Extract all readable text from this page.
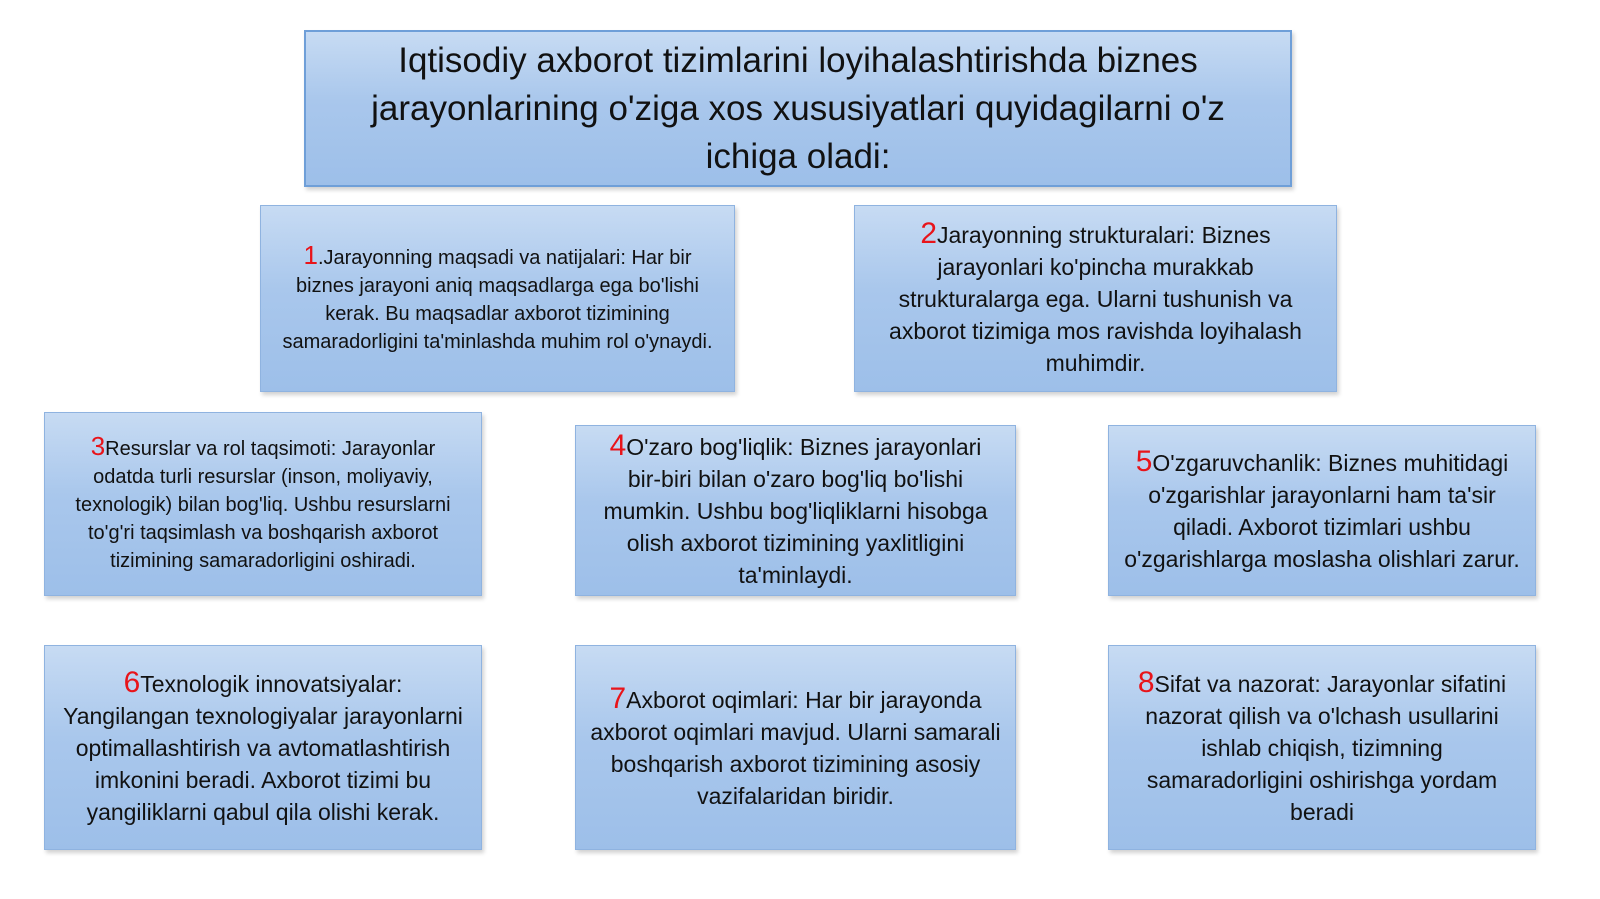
Iqtisodiy axborot tizimlarini loyihalashtirishda biznes jarayonlarining o'ziga xos xususiyatlari quyidagilarni o'z ichiga oladi:
1.Jarayonning maqsadi va natijalari: Har bir biznes jarayoni aniq maqsadlarga ega bo'lishi kerak. Bu maqsadlar axborot tizimining samaradorligini ta'minlashda muhim rol o'ynaydi.
2Jarayonning strukturalari: Biznes jarayonlari ko'pincha murakkab strukturalarga ega. Ularni tushunish va axborot tizimiga mos ravishda loyihalash muhimdir.
3Resurslar va rol taqsimoti: Jarayonlar odatda turli resurslar (inson, moliyaviy, texnologik) bilan bog'liq. Ushbu resurslarni to'g'ri taqsimlash va boshqarish axborot tizimining samaradorligini oshiradi.
4O'zaro bog'liqlik: Biznes jarayonlari bir-biri bilan o'zaro bog'liq bo'lishi mumkin. Ushbu bog'liqliklarni hisobga olish axborot tizimining yaxlitligini ta'minlaydi.
5O'zgaruvchanlik: Biznes muhitidagi o'zgarishlar jarayonlarni ham ta'sir qiladi. Axborot tizimlari ushbu o'zgarishlarga moslasha olishlari zarur.
6Texnologik innovatsiyalar: Yangilangan texnologiyalar jarayonlarni optimallashtirish va avtomatlashtirish imkonini beradi. Axborot tizimi bu yangiliklarni qabul qila olishi kerak.
7Axborot oqimlari: Har bir jarayonda axborot oqimlari mavjud. Ularni samarali boshqarish axborot tizimining asosiy vazifalaridan biridir.
8Sifat va nazorat: Jarayonlar sifatini nazorat qilish va o'lchash usullarini ishlab chiqish, tizimning samaradorligini oshirishga yordam beradi
